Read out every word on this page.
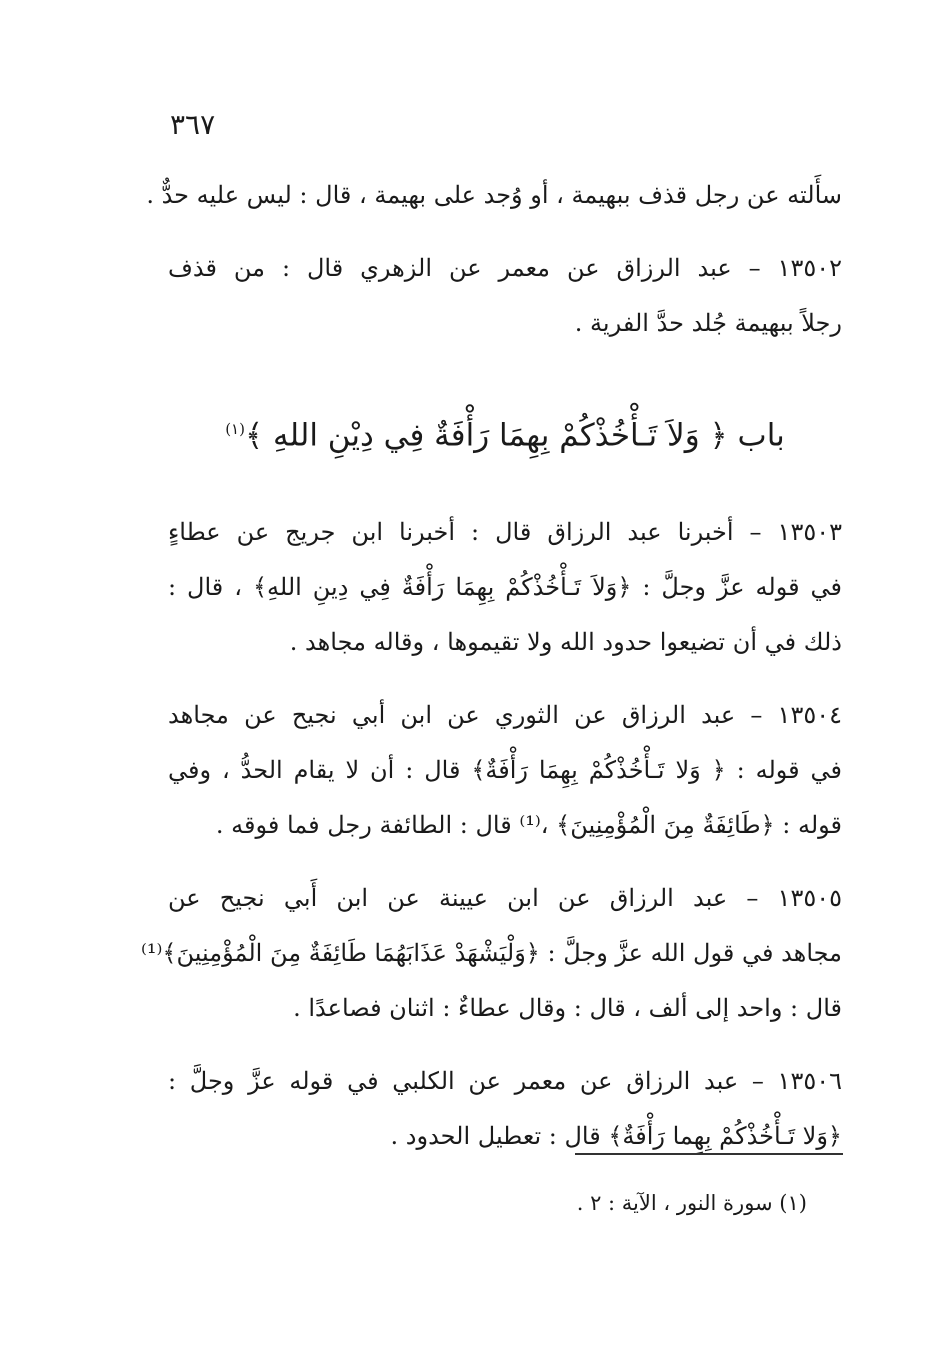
٣٦٧
سأَلته عن رجل قذف ببهيمة ، أو وُجد على بهيمة ، قال : ليس عليه حدٌّ .
١٣٥٠٢ – عبد الرزاق عن معمر عن الزهري قال : من قذف
رجلاً ببهيمة جُلد حدَّ الفرية .
باب ﴿ وَلاَ تَـأْخُذْكُمْ بِهِمَا رَأْفَةٌ فِي دِيْنِ اللهِ ﴾$^{(١)}$
١٣٥٠٣ – أخبرنا عبد الرزاق قال : أخبرنا ابن جريج عن عطاءٍ
في قوله عزَّ وجلَّ : ﴿وَلاَ تَـأْخُذْكُمْ بِهِمَا رَأْفَةٌ فِي دِينِ اللهِ﴾ ، قال :
ذلك في أن تضيعوا حدود الله ولا تقيموها ، وقاله مجاهد .
١٣٥٠٤ – عبد الرزاق عن الثوري عن ابن أبي نجيح عن مجاهد
في قوله : ﴿ وَلا تَـأْخُذْكُمْ بِهِمَا رَأْفَةٌ﴾ قال : أن لا يقام الحدُّ ، وفي
قوله : ﴿طَائِفَةٌ مِنَ الْمُؤْمِنِينَ﴾ ،⁽¹⁾ قال : الطائفة رجل فما فوقه .
١٣٥٠٥ – عبد الرزاق عن ابن عيينة عن ابن أَبي نجيح عن
مجاهد في قول الله عزَّ وجلَّ : ﴿وَلْيَشْهَدْ عَذَابَهُمَا طَائِفَةٌ مِنَ الْمُؤْمِنِينَ﴾⁽¹⁾
قال : واحد إلى ألف ، قال : وقال عطاءٌ : اثنان فصاعدًا .
١٣٥٠٦ – عبد الرزاق عن معمر عن الكلبي في قوله عزَّ وجلَّ :
﴿وَلا تَـأْخُذْكُمْ بِهِما رَأْفَةٌ﴾ قال : تعطيل الحدود .
(١) سورة النور ، الآية : ٢ .
